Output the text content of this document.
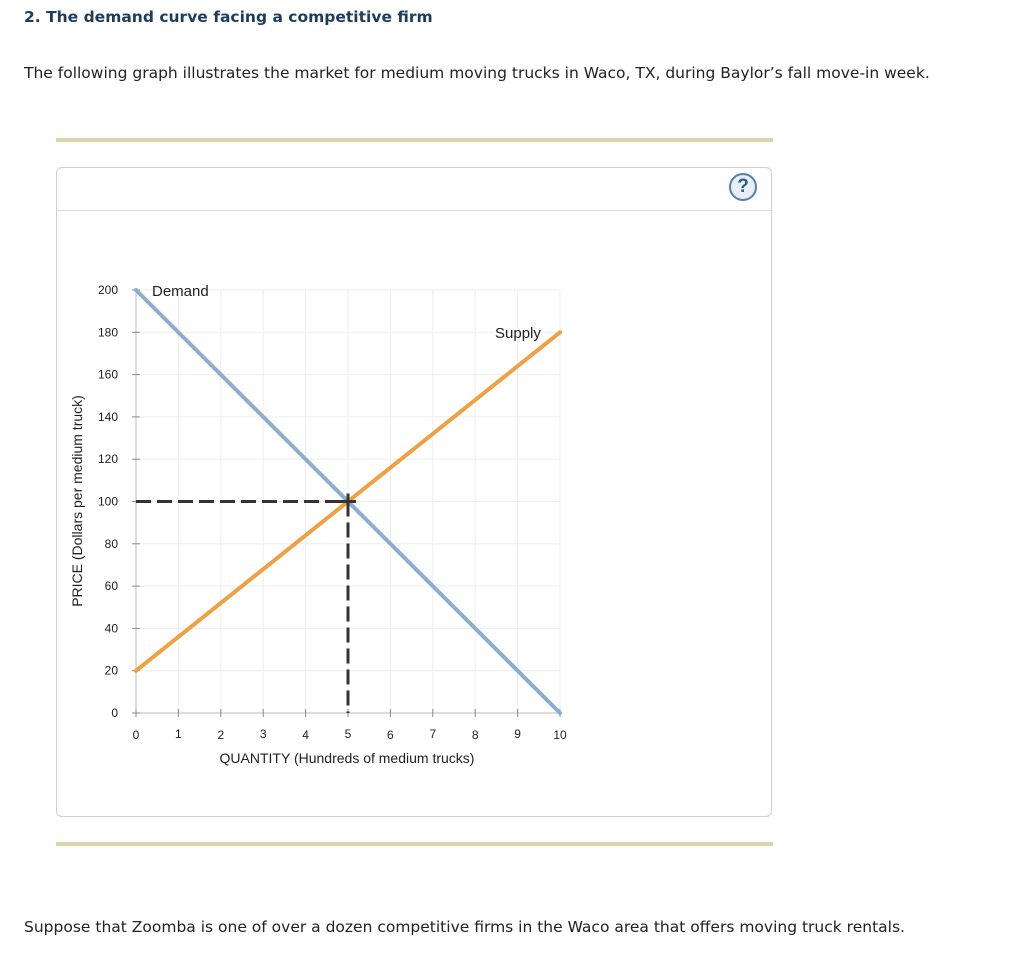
2. The demand curve facing a competitive firm
The following graph illustrates the market for medium moving trucks in Waco, TX, during Baylor’s fall move-in week.
?
0	1	2	3	4	5	6	7	8	9	10
0
20
40
60
80
100
120
140
160
180
200
QUANTITY (Hundreds of medium trucks)
PRICE (Dollars per medium truck)
Demand
Supply
Suppose that Zoomba is one of over a dozen competitive firms in the Waco area that offers moving truck rentals.
